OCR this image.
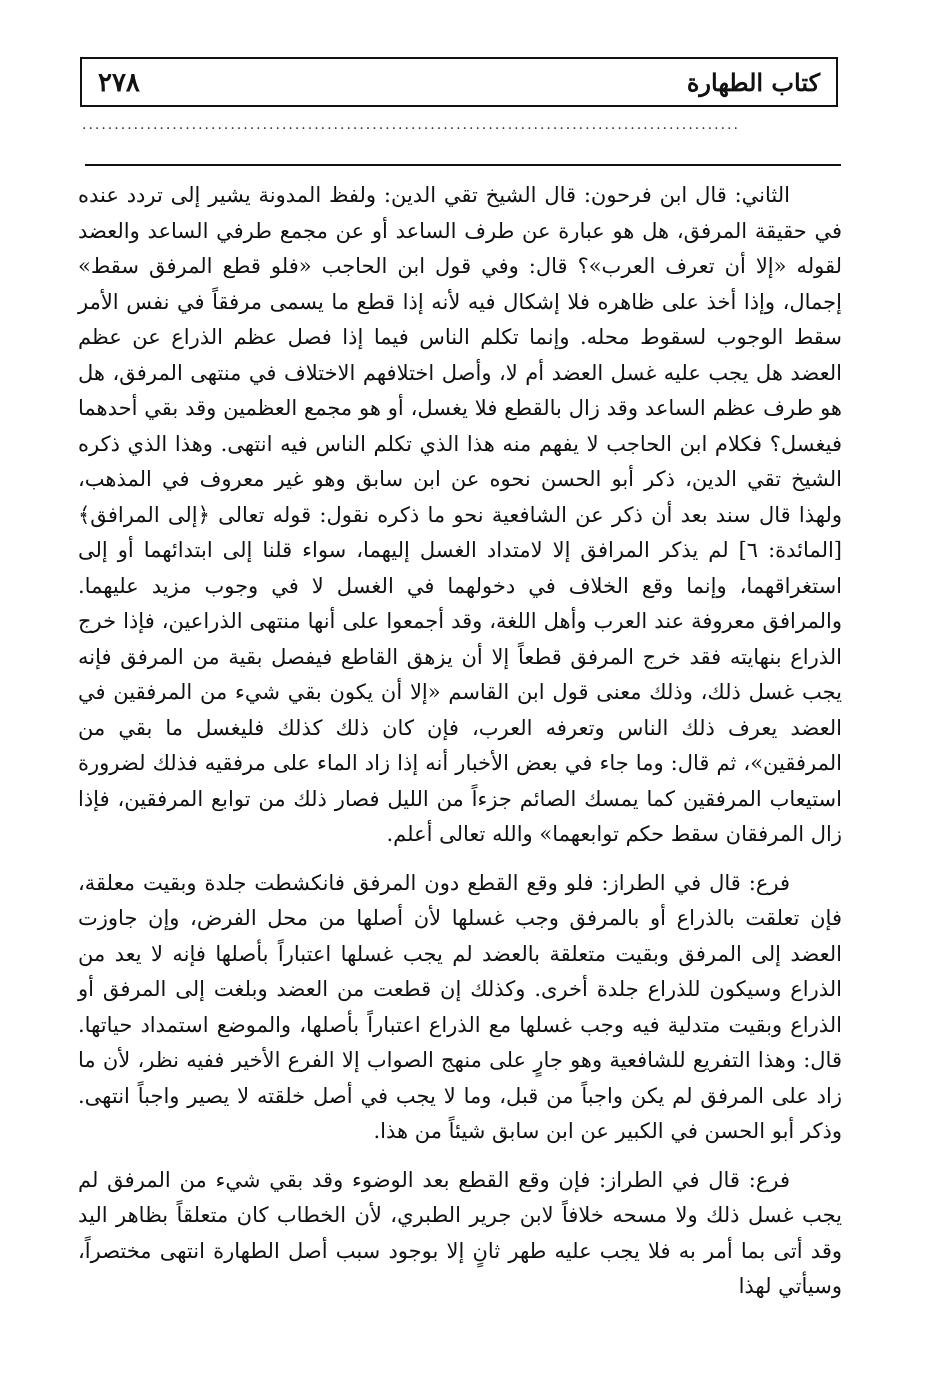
٢٧٨	كتاب الطهارة
......................................................................................................

الثاني: قال ابن فرحون: قال الشيخ تقي الدين: ولفظ المدونة يشير إلى تردد عنده في حقيقة المرفق، هل هو عبارة عن طرف الساعد أو عن مجمع طرفي الساعد والعضد لقوله «إلا أن تعرف العرب»؟ قال: وفي قول ابن الحاجب «فلو قطع المرفق سقط» إجمال، وإذا أخذ على ظاهره فلا إشكال فيه لأنه إذا قطع ما يسمى مرفقاً في نفس الأمر سقط الوجوب لسقوط محله. وإنما تكلم الناس فيما إذا فصل عظم الذراع عن عظم العضد هل يجب عليه غسل العضد أم لا، وأصل اختلافهم الاختلاف في منتهى المرفق، هل هو طرف عظم الساعد وقد زال بالقطع فلا يغسل، أو هو مجمع العظمين وقد بقي أحدهما فيغسل؟ فكلام ابن الحاجب لا يفهم منه هذا الذي تكلم الناس فيه انتهى. وهذا الذي ذكره الشيخ تقي الدين، ذكر أبو الحسن نحوه عن ابن سابق وهو غير معروف في المذهب، ولهذا قال سند بعد أن ذكر عن الشافعية نحو ما ذكره نقول: قوله تعالى ﴿إلى المرافق﴾ [المائدة: ٦] لم يذكر المرافق إلا لامتداد الغسل إليهما، سواء قلنا إلى ابتدائهما أو إلى استغراقهما، وإنما وقع الخلاف في دخولهما في الغسل لا في وجوب مزيد عليهما. والمرافق معروفة عند العرب وأهل اللغة، وقد أجمعوا على أنها منتهى الذراعين، فإذا خرج الذراع بنهايته فقد خرج المرفق قطعاً إلا أن يزهق القاطع فيفصل بقية من المرفق فإنه يجب غسل ذلك، وذلك معنى قول ابن القاسم «إلا أن يكون بقي شيء من المرفقين في العضد يعرف ذلك الناس وتعرفه العرب، فإن كان ذلك كذلك فليغسل ما بقي من المرفقين»، ثم قال: وما جاء في بعض الأخبار أنه إذا زاد الماء على مرفقيه فذلك لضرورة استيعاب المرفقين كما يمسك الصائم جزءاً من الليل فصار ذلك من توابع المرفقين، فإذا زال المرفقان سقط حكم توابعهما» والله تعالى أعلم.

فرع: قال في الطراز: فلو وقع القطع دون المرفق فانكشطت جلدة وبقيت معلقة، فإن تعلقت بالذراع أو بالمرفق وجب غسلها لأن أصلها من محل الفرض، وإن جاوزت العضد إلى المرفق وبقيت متعلقة بالعضد لم يجب غسلها اعتباراً بأصلها فإنه لا يعد من الذراع وسيكون للذراع جلدة أخرى. وكذلك إن قطعت من العضد وبلغت إلى المرفق أو الذراع وبقيت متدلية فيه وجب غسلها مع الذراع اعتباراً بأصلها، والموضع استمداد حياتها. قال: وهذا التفريع للشافعية وهو جارٍ على منهج الصواب إلا الفرع الأخير ففيه نظر، لأن ما زاد على المرفق لم يكن واجباً من قبل، وما لا يجب في أصل خلقته لا يصير واجباً انتهى. وذكر أبو الحسن في الكبير عن ابن سابق شيئاً من هذا.

فرع: قال في الطراز: فإن وقع القطع بعد الوضوء وقد بقي شيء من المرفق لم يجب غسل ذلك ولا مسحه خلافاً لابن جرير الطبري، لأن الخطاب كان متعلقاً بظاهر اليد وقد أتى بما أمر به فلا يجب عليه طهر ثانٍ إلا بوجود سبب أصل الطهارة انتهى مختصراً، وسيأتي لهذا
